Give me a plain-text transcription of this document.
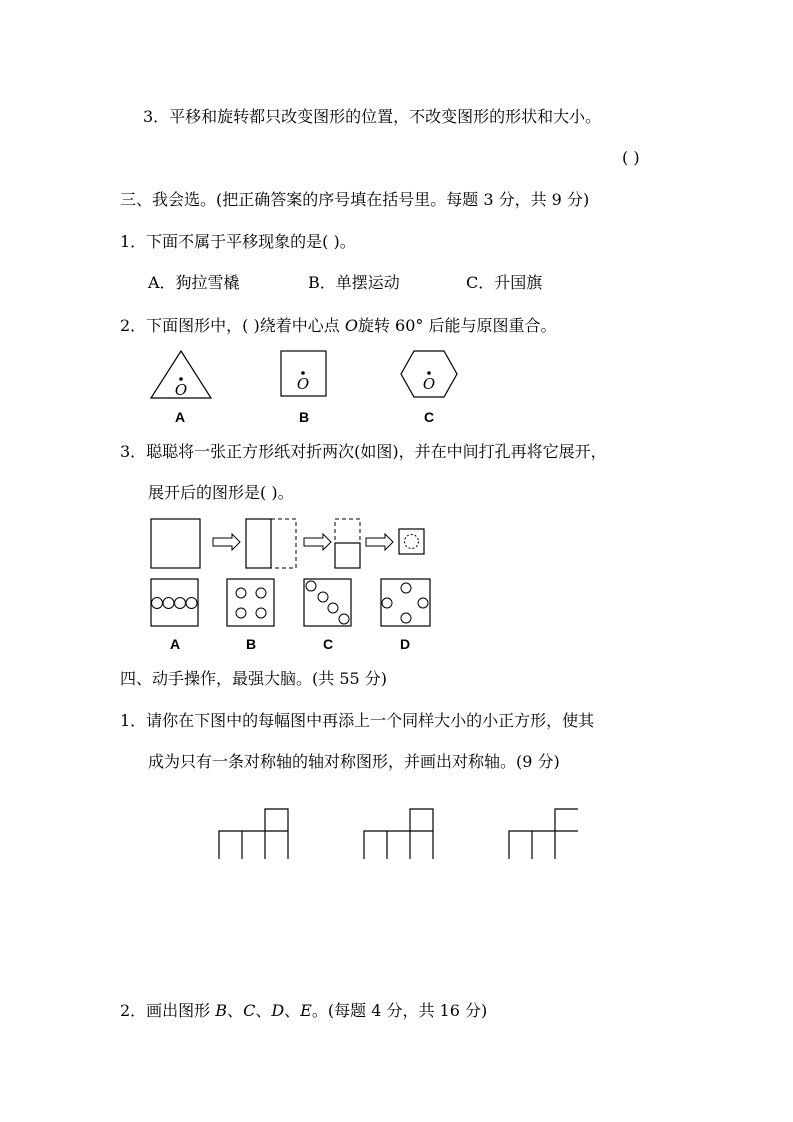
3．平移和旋转都只改变图形的位置，不改变图形的形状和大小。
( )
三、我会选。(把正确答案的序号填在括号里。每题 3 分，共 9 分)
1．下面不属于平移现象的是( )。
A．狗拉雪橇	B．单摆运动	C．升国旗
2．下面图形中，( )绕着中心点 O旋转 60° 后能与原图重合。
O	O	O
A	B	C
3．聪聪将一张正方形纸对折两次(如图)，并在中间打孔再将它展开，
展开后的图形是( )。
A	B	C	D
四、动手操作，最强大脑。(共 55 分)
1．请你在下图中的每幅图中再添上一个同样大小的小正方形，使其
成为只有一条对称轴的轴对称图形，并画出对称轴。(9 分)
2．画出图形 B、C、D、E。(每题 4 分，共 16 分)
